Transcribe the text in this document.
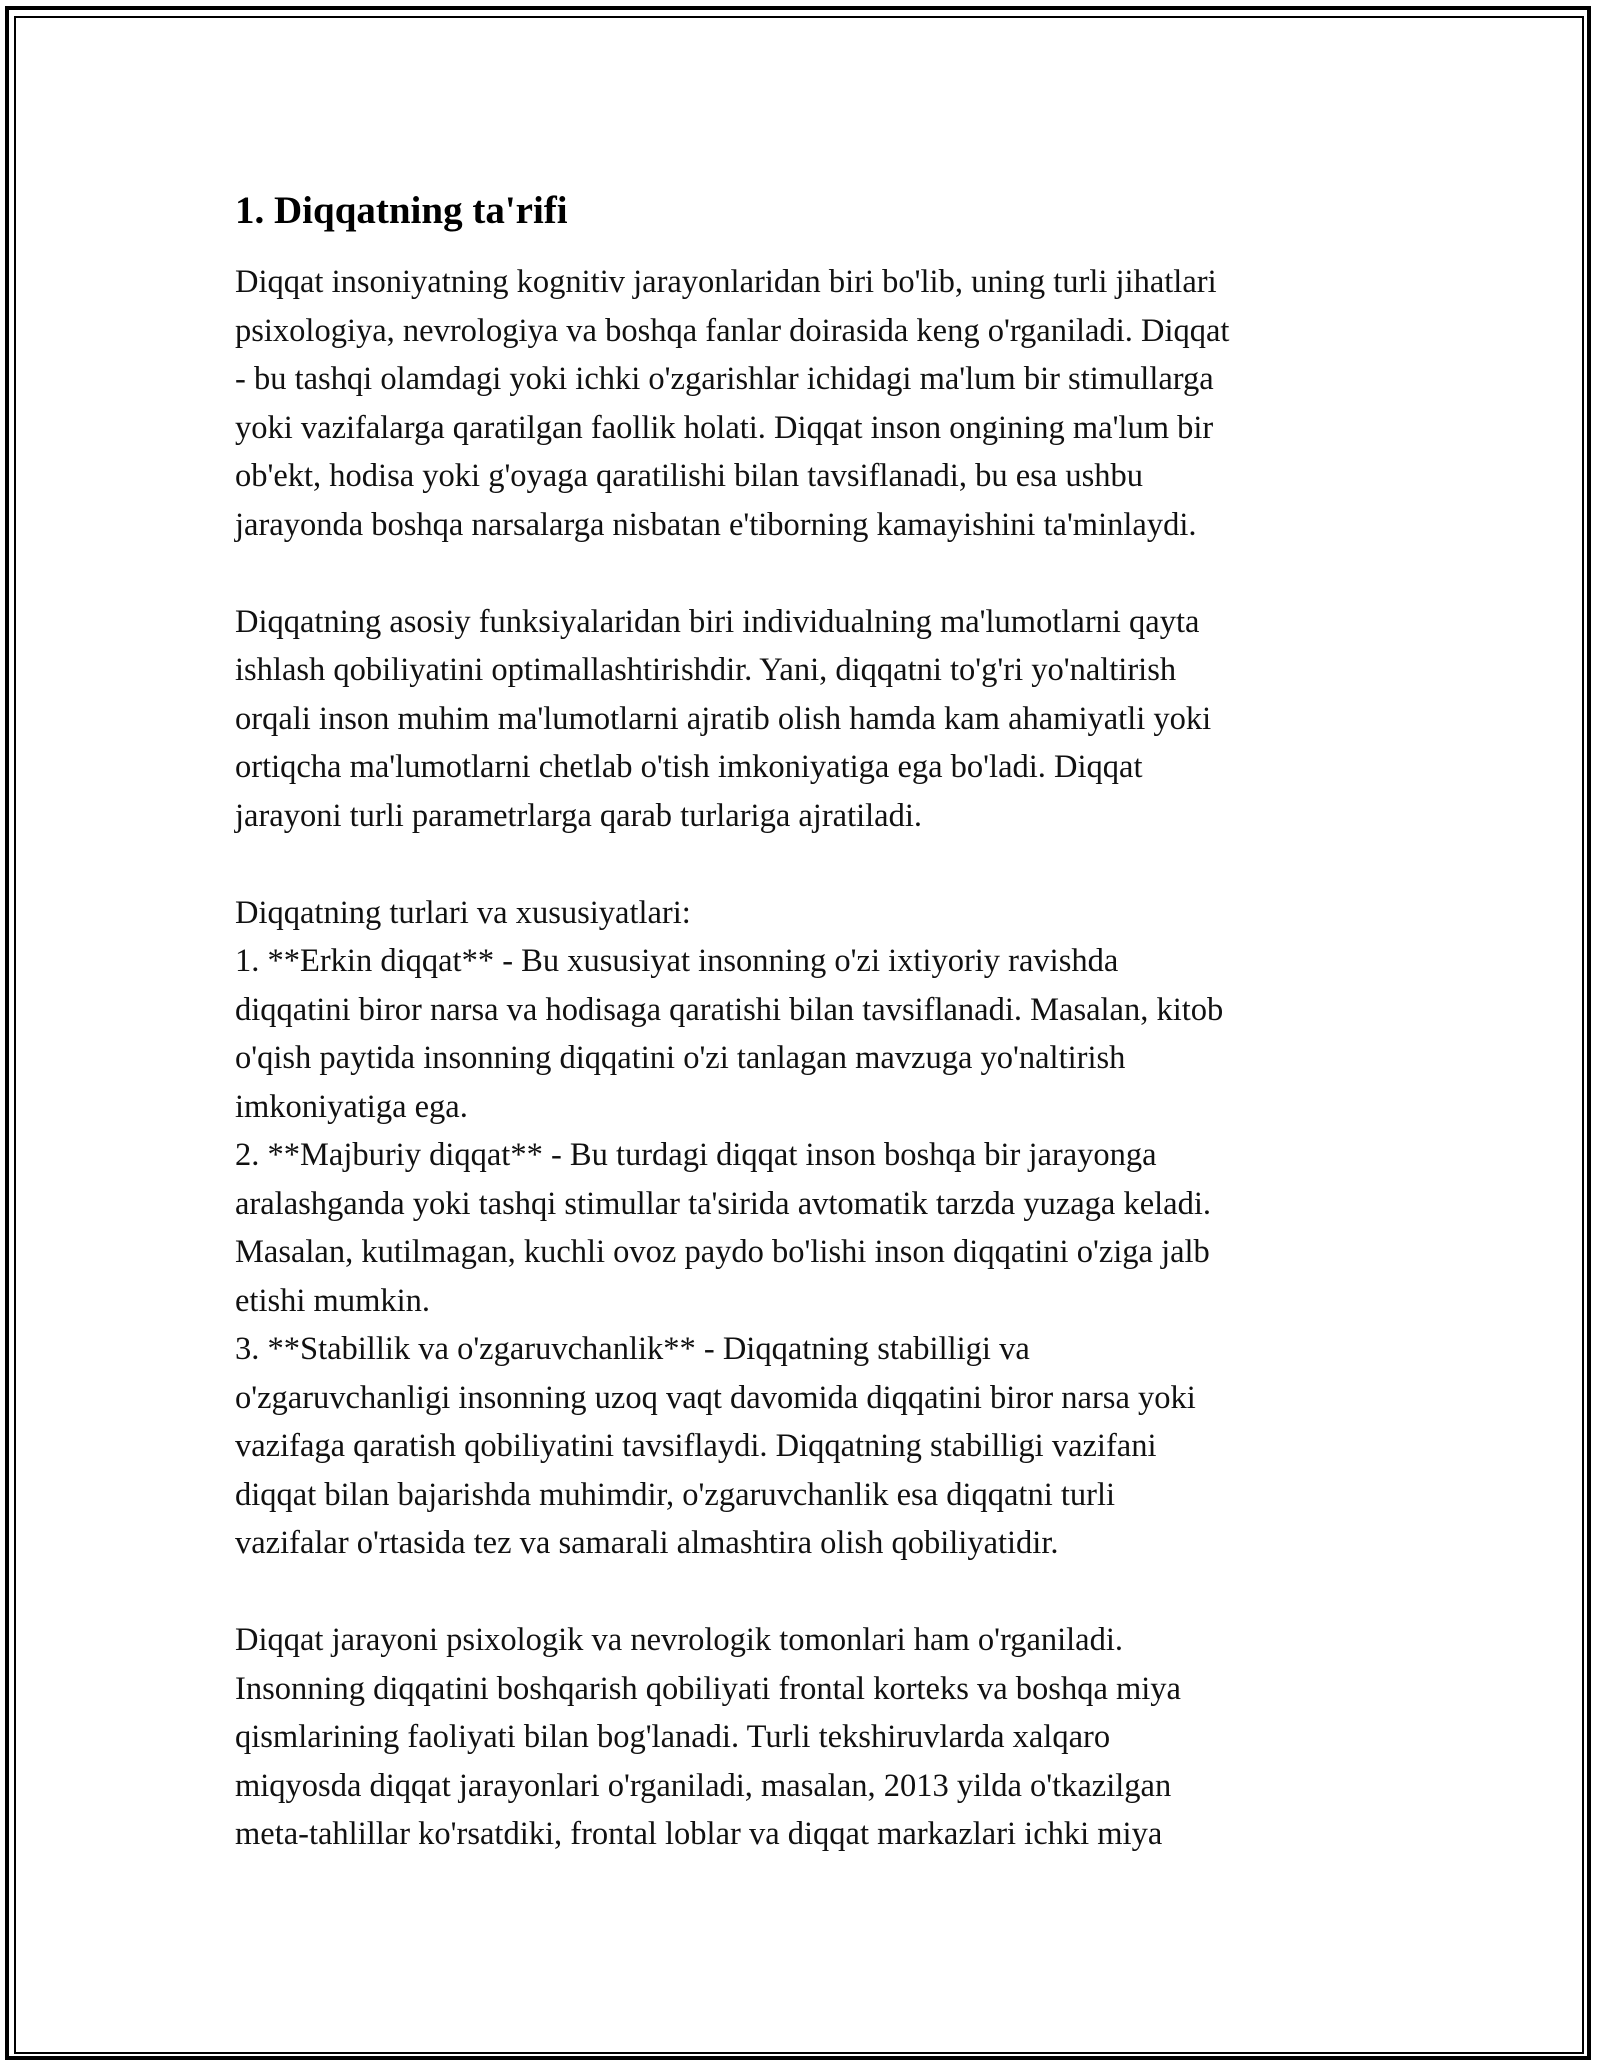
1. Diqqatning ta'rifi
Diqqat insoniyatning kognitiv jarayonlaridan biri bo'lib, uning turli jihatlari
psixologiya, nevrologiya va boshqa fanlar doirasida keng o'rganiladi. Diqqat
- bu tashqi olamdagi yoki ichki o'zgarishlar ichidagi ma'lum bir stimullarga
yoki vazifalarga qaratilgan faollik holati. Diqqat inson ongining ma'lum bir
ob'ekt, hodisa yoki g'oyaga qaratilishi bilan tavsiflanadi, bu esa ushbu
jarayonda boshqa narsalarga nisbatan e'tiborning kamayishini ta'minlaydi.
Diqqatning asosiy funksiyalaridan biri individualning ma'lumotlarni qayta
ishlash qobiliyatini optimallashtirishdir. Yani, diqqatni to'g'ri yo'naltirish
orqali inson muhim ma'lumotlarni ajratib olish hamda kam ahamiyatli yoki
ortiqcha ma'lumotlarni chetlab o'tish imkoniyatiga ega bo'ladi. Diqqat
jarayoni turli parametrlarga qarab turlariga ajratiladi.
Diqqatning turlari va xususiyatlari:
1. **Erkin diqqat** - Bu xususiyat insonning o'zi ixtiyoriy ravishda
diqqatini biror narsa va hodisaga qaratishi bilan tavsiflanadi. Masalan, kitob
o'qish paytida insonning diqqatini o'zi tanlagan mavzuga yo'naltirish
imkoniyatiga ega.
2. **Majburiy diqqat** - Bu turdagi diqqat inson boshqa bir jarayonga
aralashganda yoki tashqi stimullar ta'sirida avtomatik tarzda yuzaga keladi.
Masalan, kutilmagan, kuchli ovoz paydo bo'lishi inson diqqatini o'ziga jalb
etishi mumkin.
3. **Stabillik va o'zgaruvchanlik** - Diqqatning stabilligi va
o'zgaruvchanligi insonning uzoq vaqt davomida diqqatini biror narsa yoki
vazifaga qaratish qobiliyatini tavsiflaydi. Diqqatning stabilligi vazifani
diqqat bilan bajarishda muhimdir, o'zgaruvchanlik esa diqqatni turli
vazifalar o'rtasida tez va samarali almashtira olish qobiliyatidir.
Diqqat jarayoni psixologik va nevrologik tomonlari ham o'rganiladi.
Insonning diqqatini boshqarish qobiliyati frontal korteks va boshqa miya
qismlarining faoliyati bilan bog'lanadi. Turli tekshiruvlarda xalqaro
miqyosda diqqat jarayonlari o'rganiladi, masalan, 2013 yilda o'tkazilgan
meta-tahlillar ko'rsatdiki, frontal loblar va diqqat markazlari ichki miya
